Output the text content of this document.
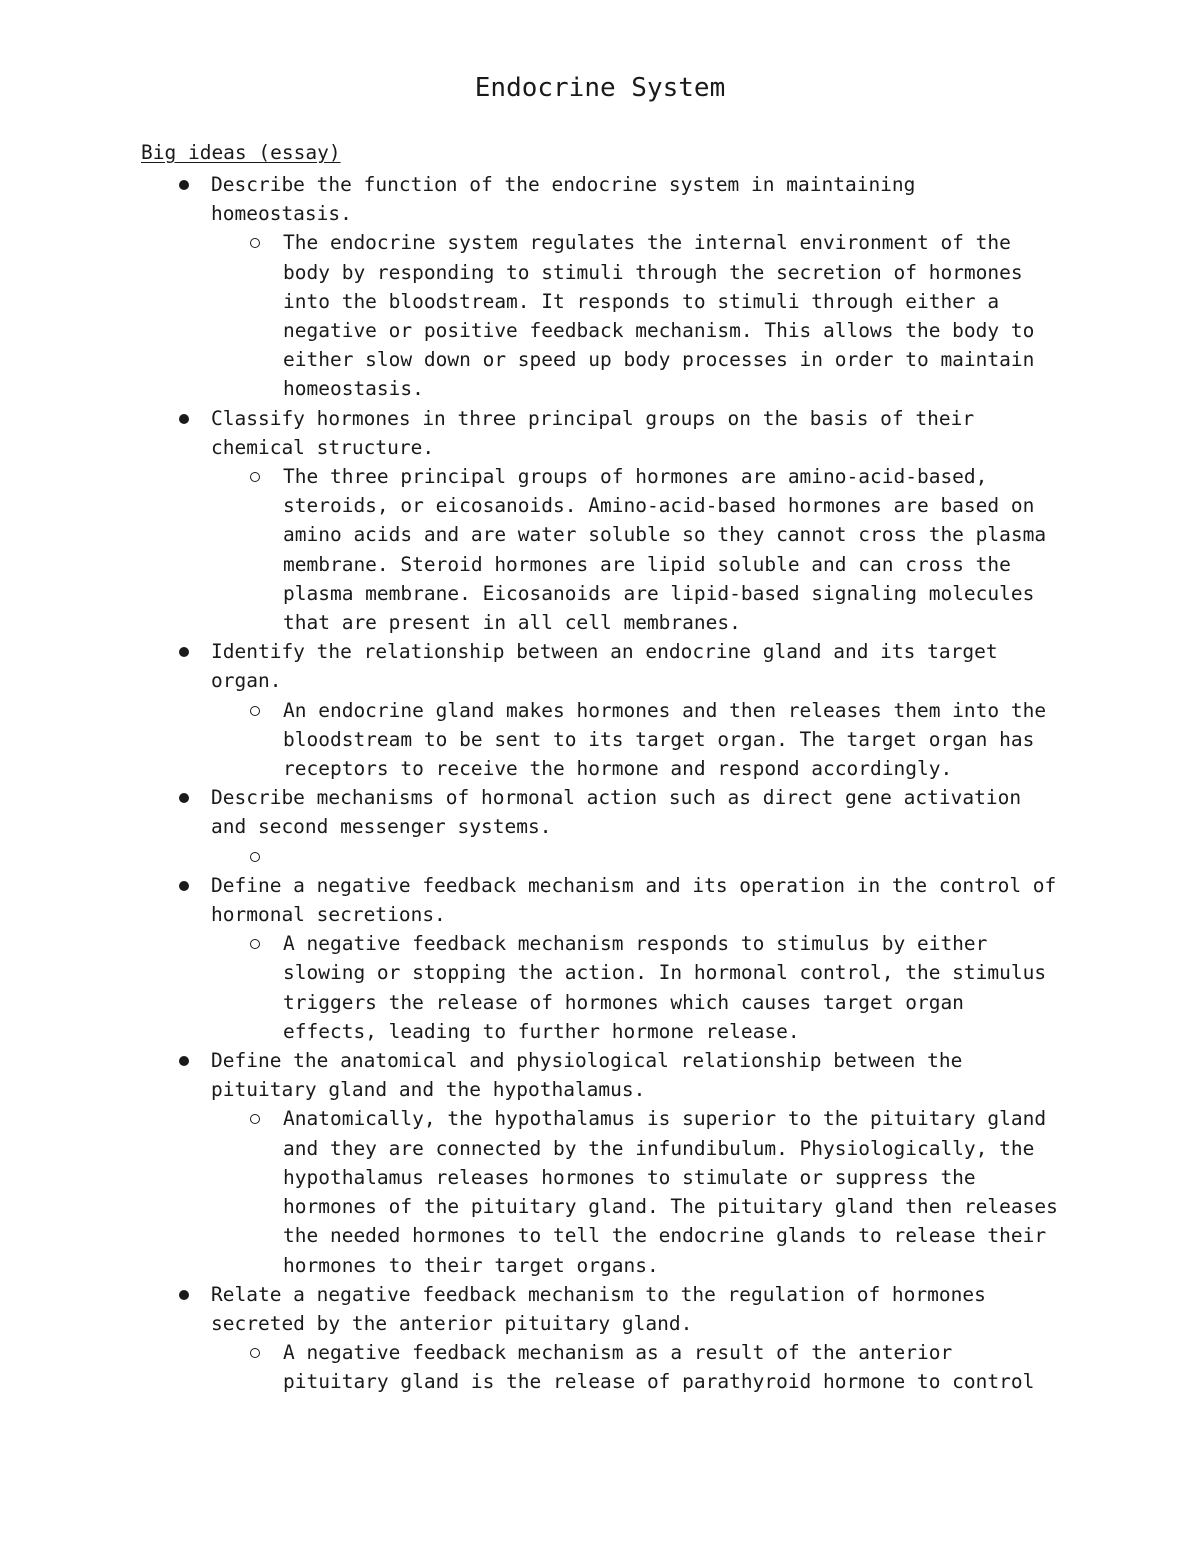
Endocrine System
Big ideas (essay)
Describe the function of the endocrine system in maintaining homeostasis.
The endocrine system regulates the internal environment of the body by responding to stimuli through the secretion of hormones into the bloodstream. It responds to stimuli through either a negative or positive feedback mechanism. This allows the body to either slow down or speed up body processes in order to maintain homeostasis.
Classify hormones in three principal groups on the basis of their chemical structure.
The three principal groups of hormones are amino-acid-based, steroids, or eicosanoids. Amino-acid-based hormones are based on amino acids and are water soluble so they cannot cross the plasma membrane. Steroid hormones are lipid soluble and can cross the plasma membrane. Eicosanoids are lipid-based signaling molecules that are present in all cell membranes.
Identify the relationship between an endocrine gland and its target organ.
An endocrine gland makes hormones and then releases them into the bloodstream to be sent to its target organ. The target organ has receptors to receive the hormone and respond accordingly.
Describe mechanisms of hormonal action such as direct gene activation and second messenger systems.
Define a negative feedback mechanism and its operation in the control of hormonal secretions.
A negative feedback mechanism responds to stimulus by either slowing or stopping the action. In hormonal control, the stimulus triggers the release of hormones which causes target organ effects, leading to further hormone release.
Define the anatomical and physiological relationship between the pituitary gland and the hypothalamus.
Anatomically, the hypothalamus is superior to the pituitary gland and they are connected by the infundibulum. Physiologically, the hypothalamus releases hormones to stimulate or suppress the hormones of the pituitary gland. The pituitary gland then releases the needed hormones to tell the endocrine glands to release their hormones to their target organs.
Relate a negative feedback mechanism to the regulation of hormones secreted by the anterior pituitary gland.
A negative feedback mechanism as a result of the anterior pituitary gland is the release of parathyroid hormone to control
